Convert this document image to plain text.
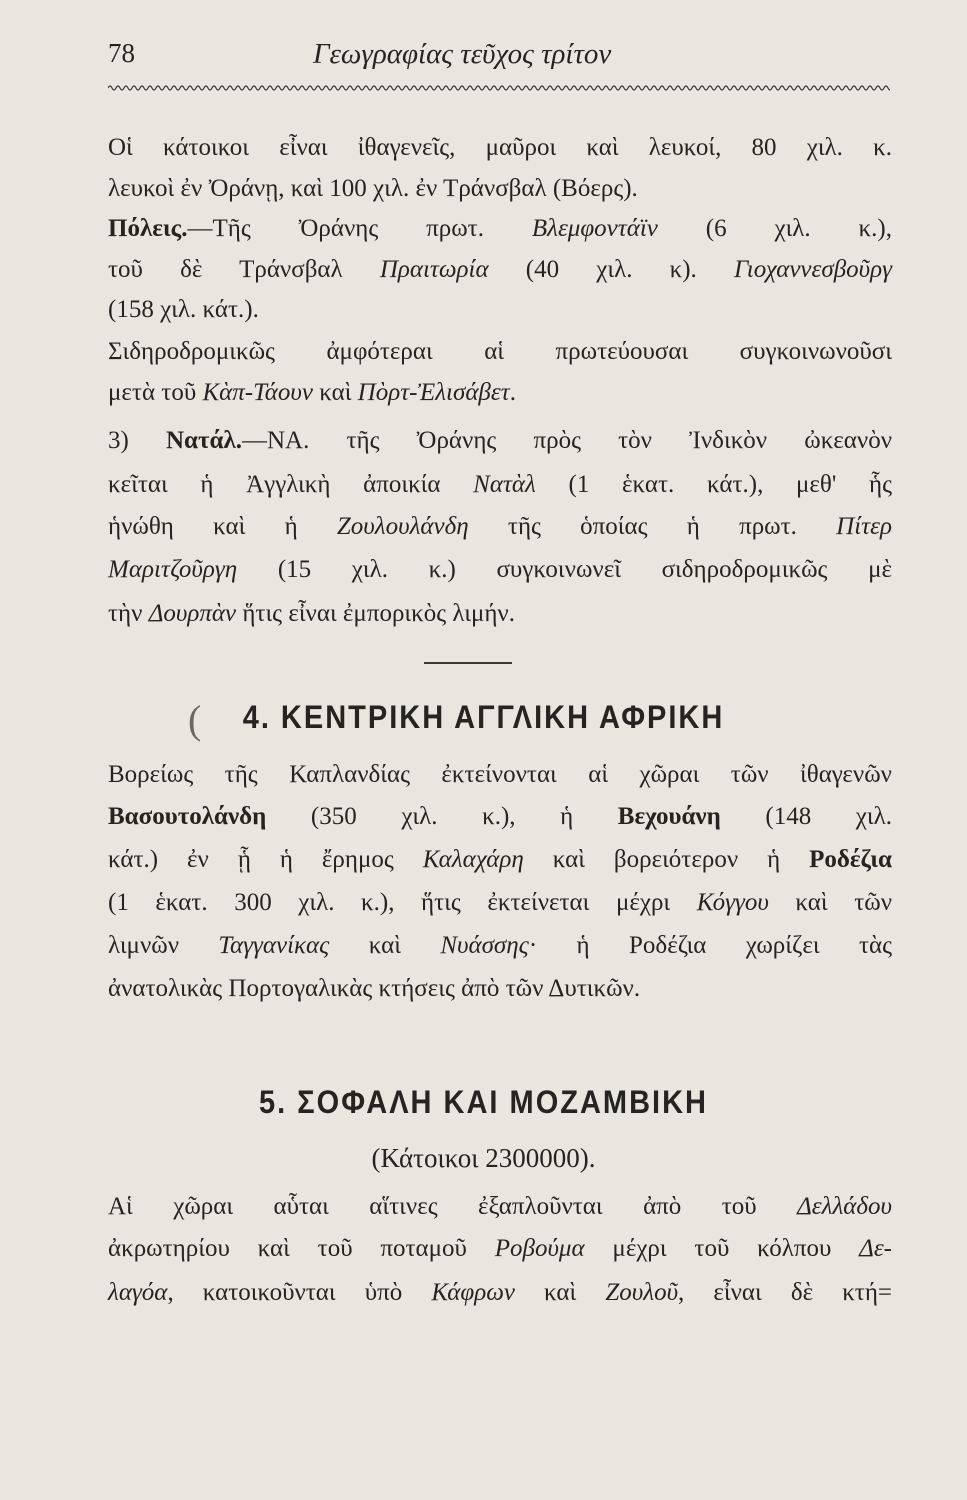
78	Γεωγραφίας τεῦχος τρίτον
Οἱ κάτοικοι εἶναι ἰθαγενεῖς, μαῦροι καὶ λευκοί, 80 χιλ. κ.
λευκοὶ ἐν Ὀράνῃ, καὶ 100 χιλ. ἐν Τράνσβαλ (Βόερς).
Πόλεις.—Τῆς Ὀράνης πρωτ. Βλεμφοντάϊν (6 χιλ. κ.),
τοῦ δὲ Τράνσβαλ Πραιτωρία (40 χιλ. κ). Γιοχαννεσβοῦργ
(158 χιλ. κάτ.).
Σιδηροδρομικῶς ἀμφότεραι αἱ πρωτεύουσαι συγκοινωνοῦσι
μετὰ τοῦ Κὰπ-Τάουν καὶ Πὸρτ-Ἐλισάβετ.
3) Νατάλ.—ΝΑ. τῆς Ὀράνης πρὸς τὸν Ἰνδικὸν ὠκεανὸν
κεῖται ἡ Ἀγγλικὴ ἀποικία Νατὰλ (1 ἑκατ. κάτ.), μεθ' ἧς
ἡνώθη καὶ ἡ Ζουλουλάνδη τῆς ὁποίας ἡ πρωτ. Πίτερ
Μαριτζοῦργη (15 χιλ. κ.) συγκοινωνεῖ σιδηροδρομικῶς μὲ
τὴν Δουρπὰν ἥτις εἶναι ἐμπορικὸς λιμήν.
Βορείως τῆς Καπλανδίας ἐκτείνονται αἱ χῶραι τῶν ἰθαγενῶν
Βασουτολάνδη (350 χιλ. κ.), ἡ Βεχουάνη (148 χιλ.
κάτ.) ἐν ᾗ ἡ ἔρημος Καλαχάρη καὶ βορειότερον ἡ Ροδέζια
(1 ἑκατ. 300 χιλ. κ.), ἥτις ἐκτείνεται μέχρι Κόγγου καὶ τῶν
λιμνῶν Ταγγανίκας καὶ Νυάσσης· ἡ Ροδέζια χωρίζει τὰς
ἀνατολικὰς Πορτογαλικὰς κτήσεις ἀπὸ τῶν Δυτικῶν.
Αἱ χῶραι αὗται αἵτινες ἐξαπλοῦνται ἀπὸ τοῦ Δελλάδου
ἀκρωτηρίου καὶ τοῦ ποταμοῦ Ροβούμα μέχρι τοῦ κόλπου Δε-
λαγόα, κατοικοῦνται ὑπὸ Κάφρων καὶ Ζουλοῦ, εἶναι δὲ κτή=
(	4. ΚΕΝΤΡΙΚΗ ΑΓΓΛΙΚΗ ΑΦΡΙΚΗ
5. ΣΟΦΑΛΗ ΚΑΙ ΜΟΖΑΜΒΙΚΗ
(Κάτοικοι 2300000).
